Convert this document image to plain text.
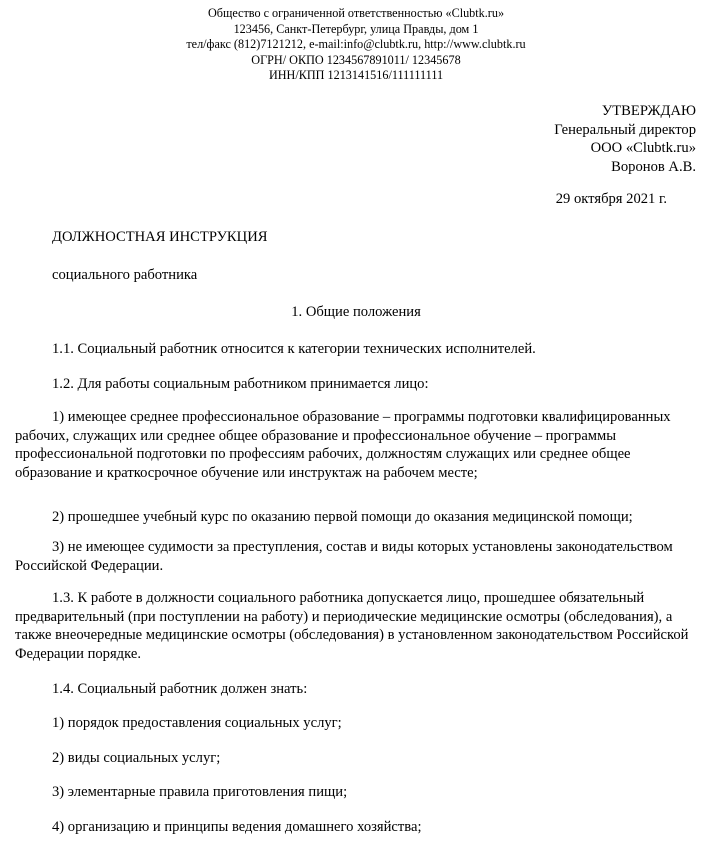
Общество с ограниченной ответственностью «Clubtk.ru»
123456, Санкт-Петербург, улица Правды, дом 1
тел/факс (812)7121212, e-mail:info@clubtk.ru, http://www.clubtk.ru
ОГРН/ ОКПО 1234567891011/ 12345678
ИНН/КПП 1213141516/111111111
УТВЕРЖДАЮ
Генеральный директор
ООО «Clubtk.ru»
Воронов А.В.
29 октября 2021 г.
ДОЛЖНОСТНАЯ ИНСТРУКЦИЯ
социального работника
1. Общие положения

1.1. Социальный работник относится к категории технических исполнителей.

1.2. Для работы социальным работником принимается лицо:

1) имеющее среднее профессиональное образование – программы подготовки квалифицированных рабочих, служащих или среднее общее образование и профессиональное обучение – программы профессиональной подготовки по профессиям рабочих, должностям служащих или среднее общее образование и краткосрочное обучение или инструктаж на рабочем месте;

2) прошедшее учебный курс по оказанию первой помощи до оказания медицинской помощи;

3) не имеющее судимости за преступления, состав и виды которых установлены законодательством Российской Федерации.

1.3. К работе в должности социального работника допускается лицо, прошедшее обязательный предварительный (при поступлении на работу) и периодические медицинские осмотры (обследования), а также внеочередные медицинские осмотры (обследования) в установленном законодательством Российской Федерации порядке.

1.4. Социальный работник должен знать:

1) порядок предоставления социальных услуг;

2) виды социальных услуг;

3) элементарные правила приготовления пищи;

4) организацию и принципы ведения домашнего хозяйства;
